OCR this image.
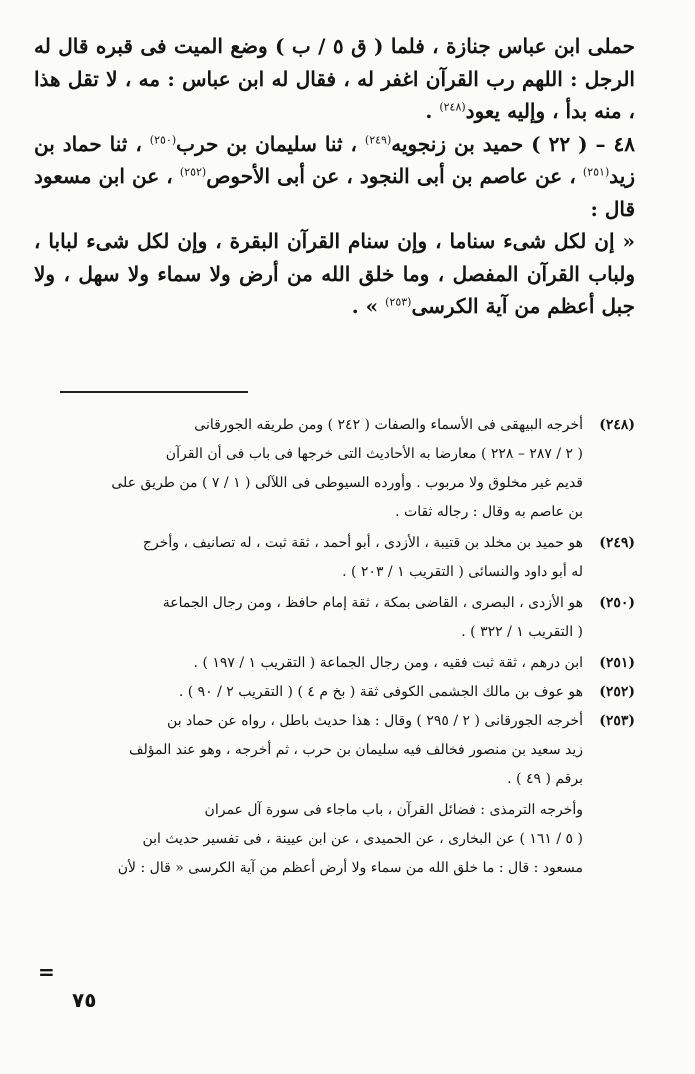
حملى ابن عباس جنازة ، فلما ( ق ٥ / ب ) وضع الميت فى قبره قال له الرجل : اللهم رب القرآن اغفر له ، فقال له ابن عباس : مه ، لا تقل هذا ، منه بدأ ، وإليه يعود$^{(٢٤٨)}$ .

٤٨ – ( ٢٢ ) حميد بن زنجويه$^{(٢٤٩)}$ ، ثنا سليمان بن حرب$^{(٢٥٠)}$ ، ثنا حماد بن زيد$^{(٢٥١)}$ ، عن عاصم بن أبى النجود ، عن أبى الأحوص$^{(٢٥٢)}$ ، عن ابن مسعود قال :

« إن لكل شىء سناما ، وإن سنام القرآن البقرة ، وإن لكل شىء لبابا ، ولباب القرآن المفصل ، وما خلق الله من أرض ولا سماء ولا سهل ، ولا جبل أعظم من آية الكرسى$^{(٢٥٣)}$ » .

(٢٤٨)
أخرجه البيهقى فى الأسماء والصفات ( ٢٤٢ ) ومن طريقه الجورقانى
( ٢ / ٢٨٧ – ٢٢٨ ) معارضا به الأحاديث التى خرجها فى باب فى أن القرآن
قديم غير مخلوق ولا مربوب . وأورده السيوطى فى اللآلى ( ١ / ٧ ) من طريق على
بن عاصم به وقال : رجاله ثقات .
(٢٤٩)
هو حميد بن مخلد بن قتيبة ، الأزدى ، أبو أحمد ، ثقة ثبت ، له تصانيف ، وأخرج
له أبو داود والنسائى ( التقريب ١ / ٢٠٣ ) .
(٢٥٠)
هو الأزدى ، البصرى ، القاضى بمكة ، ثقة إمام حافظ ، ومن رجال الجماعة
( التقريب ١ / ٣٢٢ ) .
(٢٥١)
ابن درهم ، ثقة ثبت فقيه ، ومن رجال الجماعة ( التقريب ١ / ١٩٧ ) .
(٢٥٢)
هو عوف بن مالك الجشمى الكوفى ثقة ( بخ م ٤ ) ( التقريب ٢ / ٩٠ ) .
(٢٥٣)
أخرجه الجورقانى ( ٢ / ٢٩٥ ) وقال : هذا حديث باطل ، رواه عن حماد بن
زيد سعيد بن منصور فخالف فيه سليمان بن حرب ، ثم أخرجه ، وهو عند المؤلف
برقم ( ٤٩ ) .
وأخرجه الترمذى : فضائل القرآن ، باب ماجاء فى سورة آل عمران
( ٥ / ١٦١ ) عن البخارى ، عن الحميدى ، عن ابن عيينة ، فى تفسير حديث ابن
مسعود : قال : ما خلق الله من سماء ولا أرض أعظم من آية الكرسى « قال : لأن
=
٧٥
